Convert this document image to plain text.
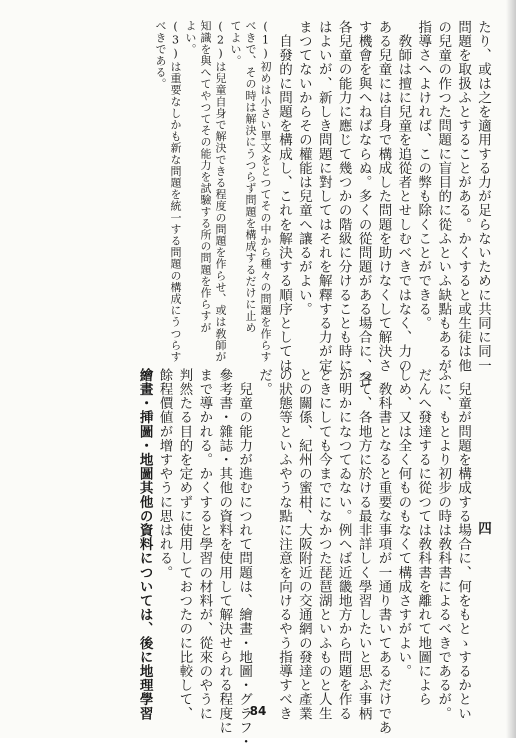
たり、或は之を適用する力が足らないために共同に同一

問題を取扱ふとすることがある。かくすると或生徒は他

の兒童の作つた問題に盲目的に從ふといふ缺點もあるが

指導さへよければ、この弊も除くことができる。

　敎師は擅に兒童を追從者とせしむべきではなく、力の

ある兒童には自身で構成した問題を助けなくして解決さ

す機會を與へねばならぬ。多くの從問題がある場合に、各

各兒童の能力に應じて幾つかの階級に分けることも時に

はよいが、新しき問題に對してはそれを解釋する力が定

まつてないからその權能は兒童へ讓るがよい。

　自發的に問題を構成し、これを解決する順序としては

(1)初めは小さい單文をとつてその中から種々の問題を作らす

べきで、その時は解決にうつらず問題を構成するだけに止め

てよい。

(2)は兒童自身で解決できる程度の問題を作らせ、或は敎師が

知識を與へてやつてその能力を試驗する所の問題を作らすが

よい。

(3)は重要なしかも新な問題を統一する問題の構成にうつらす

べきである。

四

　兒童が問題を構成する場合に、何をもとゝするかとい

ふに、もとより初步の時は敎科書によるべきであるが。

だんへ發達するに從つては敎科書を離れて地圖によら

しめ、又は全く何ものもなくて構成さすがよい。

　敎科書となると重要な事項が一通り書いてあるだけであ

つて、各地方に於ける最非詳しく學習したいと思ふ事柄

が明かになつてゐない。例へば近畿地方から問題を作る

ときにしても今までになかつた琵琶湖といふものと人生

との關係、紀州の蜜柑、大阪附近の交通網の發達と產業

の狀態等といふやうな點に注意を向けるやう指導すべき

だ。

　兒童の能力が進むにつれて問題は、繪畫・地圖・グラフ・

參考書・雜誌・其他の資料を使用して解決せられる程度に

まで導かれる。かくすると學習の材料が、從來のやうに

判然たる目的を定めずに使用しておつたのに比較して、

餘程價値が增すやうに思はれる。

繪畫・挿圖・地圖其他の資料については、後に地理學習	84
